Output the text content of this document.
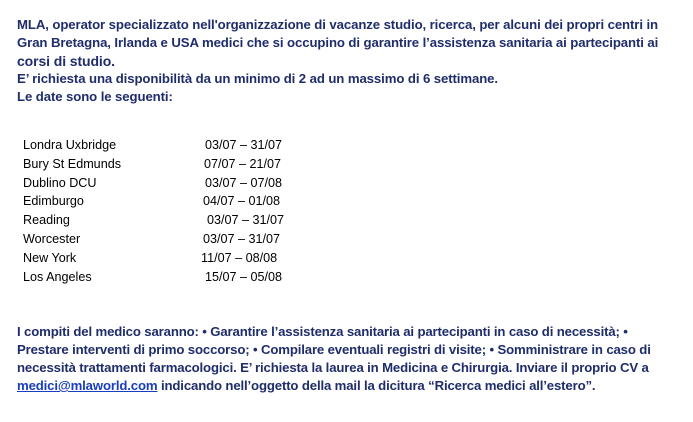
MLA, operator specializzato nell'organizzazione di vacanze studio, ricerca, per alcuni dei propri centri in

Gran Bretagna, Irlanda e USA medici che si occupino di garantire l’assistenza sanitaria ai partecipanti ai

corsi di studio.

E’ richiesta una disponibilità da un minimo di 2 ad un massimo di 6 settimane.

Le date sono le seguenti:

Londra Uxbridge	03/07 – 31/07
Bury St Edmunds	07/07 – 21/07
Dublino DCU	03/07 – 07/08
Edimburgo	04/07 – 01/08
Reading	03/07 – 31/07
Worcester	03/07 – 31/07
New York	11/07 – 08/08
Los Angeles	15/07 – 05/08

I compiti del medico saranno: • Garantire l’assistenza sanitaria ai partecipanti in caso di necessità; •

Prestare interventi di primo soccorso; • Compilare eventuali registri di visite; • Somministrare in caso di

necessità trattamenti farmacologici. E’ richiesta la laurea in Medicina e Chirurgia. Inviare il proprio CV a

medici@mlaworld.com indicando nell’oggetto della mail la dicitura “Ricerca medici all’estero”.
